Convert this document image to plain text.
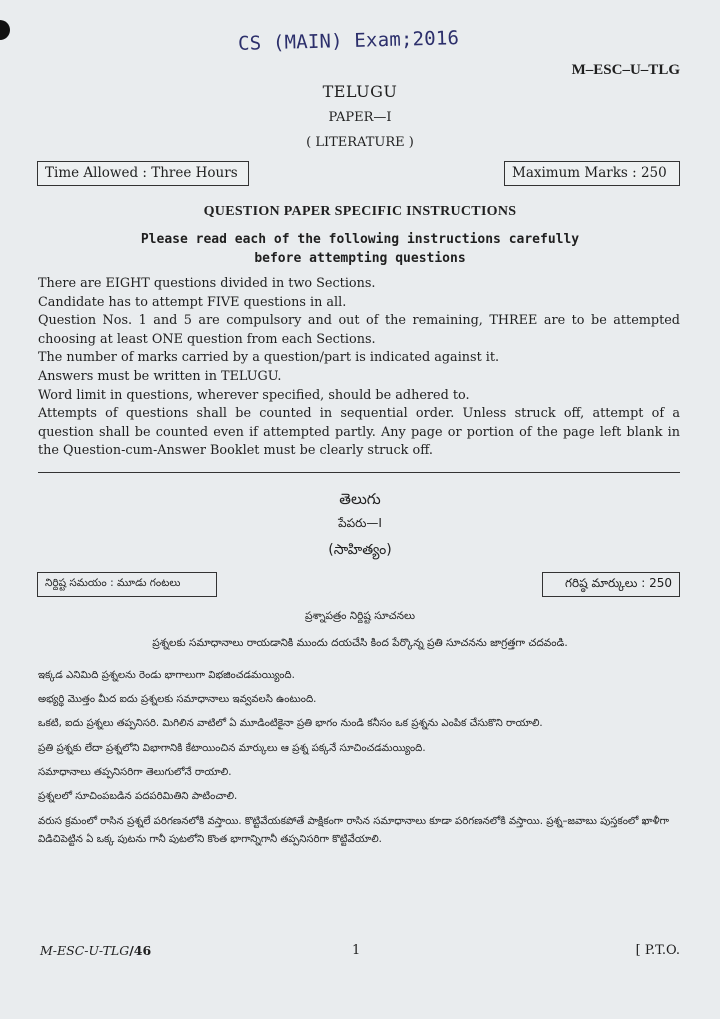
CS (MAIN) Exam;2016
M–ESC–U–TLG
TELUGU
PAPER—I
( LITERATURE )
Time Allowed : Three Hours	Maximum Marks : 250
QUESTION PAPER SPECIFIC INSTRUCTIONS
Please read each of the following instructions carefully
before attempting questions

There are EIGHT questions divided in two Sections.

Candidate has to attempt FIVE questions in all.

Question Nos. 1 and 5 are compulsory and out of the remaining, THREE are to be attempted choosing at least ONE question from each Sections.

The number of marks carried by a question/part is indicated against it.

Answers must be written in TELUGU.

Word limit in questions, wherever specified, should be adhered to.

Attempts of questions shall be counted in sequential order. Unless struck off, attempt of a question shall be counted even if attempted partly. Any page or portion of the page left blank in the Question-cum-Answer Booklet must be clearly struck off.

తెలుగు
పేపరు—I
(సాహిత్యం)
నిర్దిష్ట సమయం : మూడు గంటలు	గరిష్ఠ మార్కులు : 250
ప్రశ్నాపత్రం నిర్దిష్ట సూచనలు
ప్రశ్నలకు సమాధానాలు రాయడానికి ముందు దయచేసి కింద పేర్కొన్న ప్రతి సూచనను జాగ్రత్తగా చదవండి.

ఇక్కడ ఎనిమిది ప్రశ్నలను రెండు భాగాలుగా విభజించడమయ్యింది.

అభ్యర్థి మొత్తం మీద ఐదు ప్రశ్నలకు సమాధానాలు ఇవ్వవలసి ఉంటుంది.

ఒకటి, ఐదు ప్రశ్నలు తప్పనిసరి. మిగిలిన వాటిలో ఏ మూడింటికైనా ప్రతి భాగం నుండి కనీసం ఒక ప్రశ్నను ఎంపిక చేసుకొని రాయాలి.

ప్రతి ప్రశ్నకు లేదా ప్రశ్నలోని విభాగానికి కేటాయించిన మార్కులు ఆ ప్రశ్న పక్కనే సూచించడమయ్యింది.

సమాధానాలు తప్పనిసరిగా తెలుగులోనే రాయాలి.

ప్రశ్నలలో సూచింపబడిన పదపరిమితిని పాటించాలి.

వరుస క్రమంలో రాసిన ప్రశ్నలే పరిగణనలోకి వస్తాయి. కొట్టివేయకపోతే పాక్షికంగా రాసిన సమాధానాలు కూడా పరిగణనలోకి వస్తాయి. ప్రశ్న–జవాబు పుస్తకంలో ఖాళీగా విడిచిపెట్టిన ఏ ఒక్క పుటను గానీ పుటలోని కొంత భాగాన్నిగానీ తప్పనిసరిగా కొట్టివేయాలి.

M-ESC-U-TLG/46	1	[ P.T.O.
